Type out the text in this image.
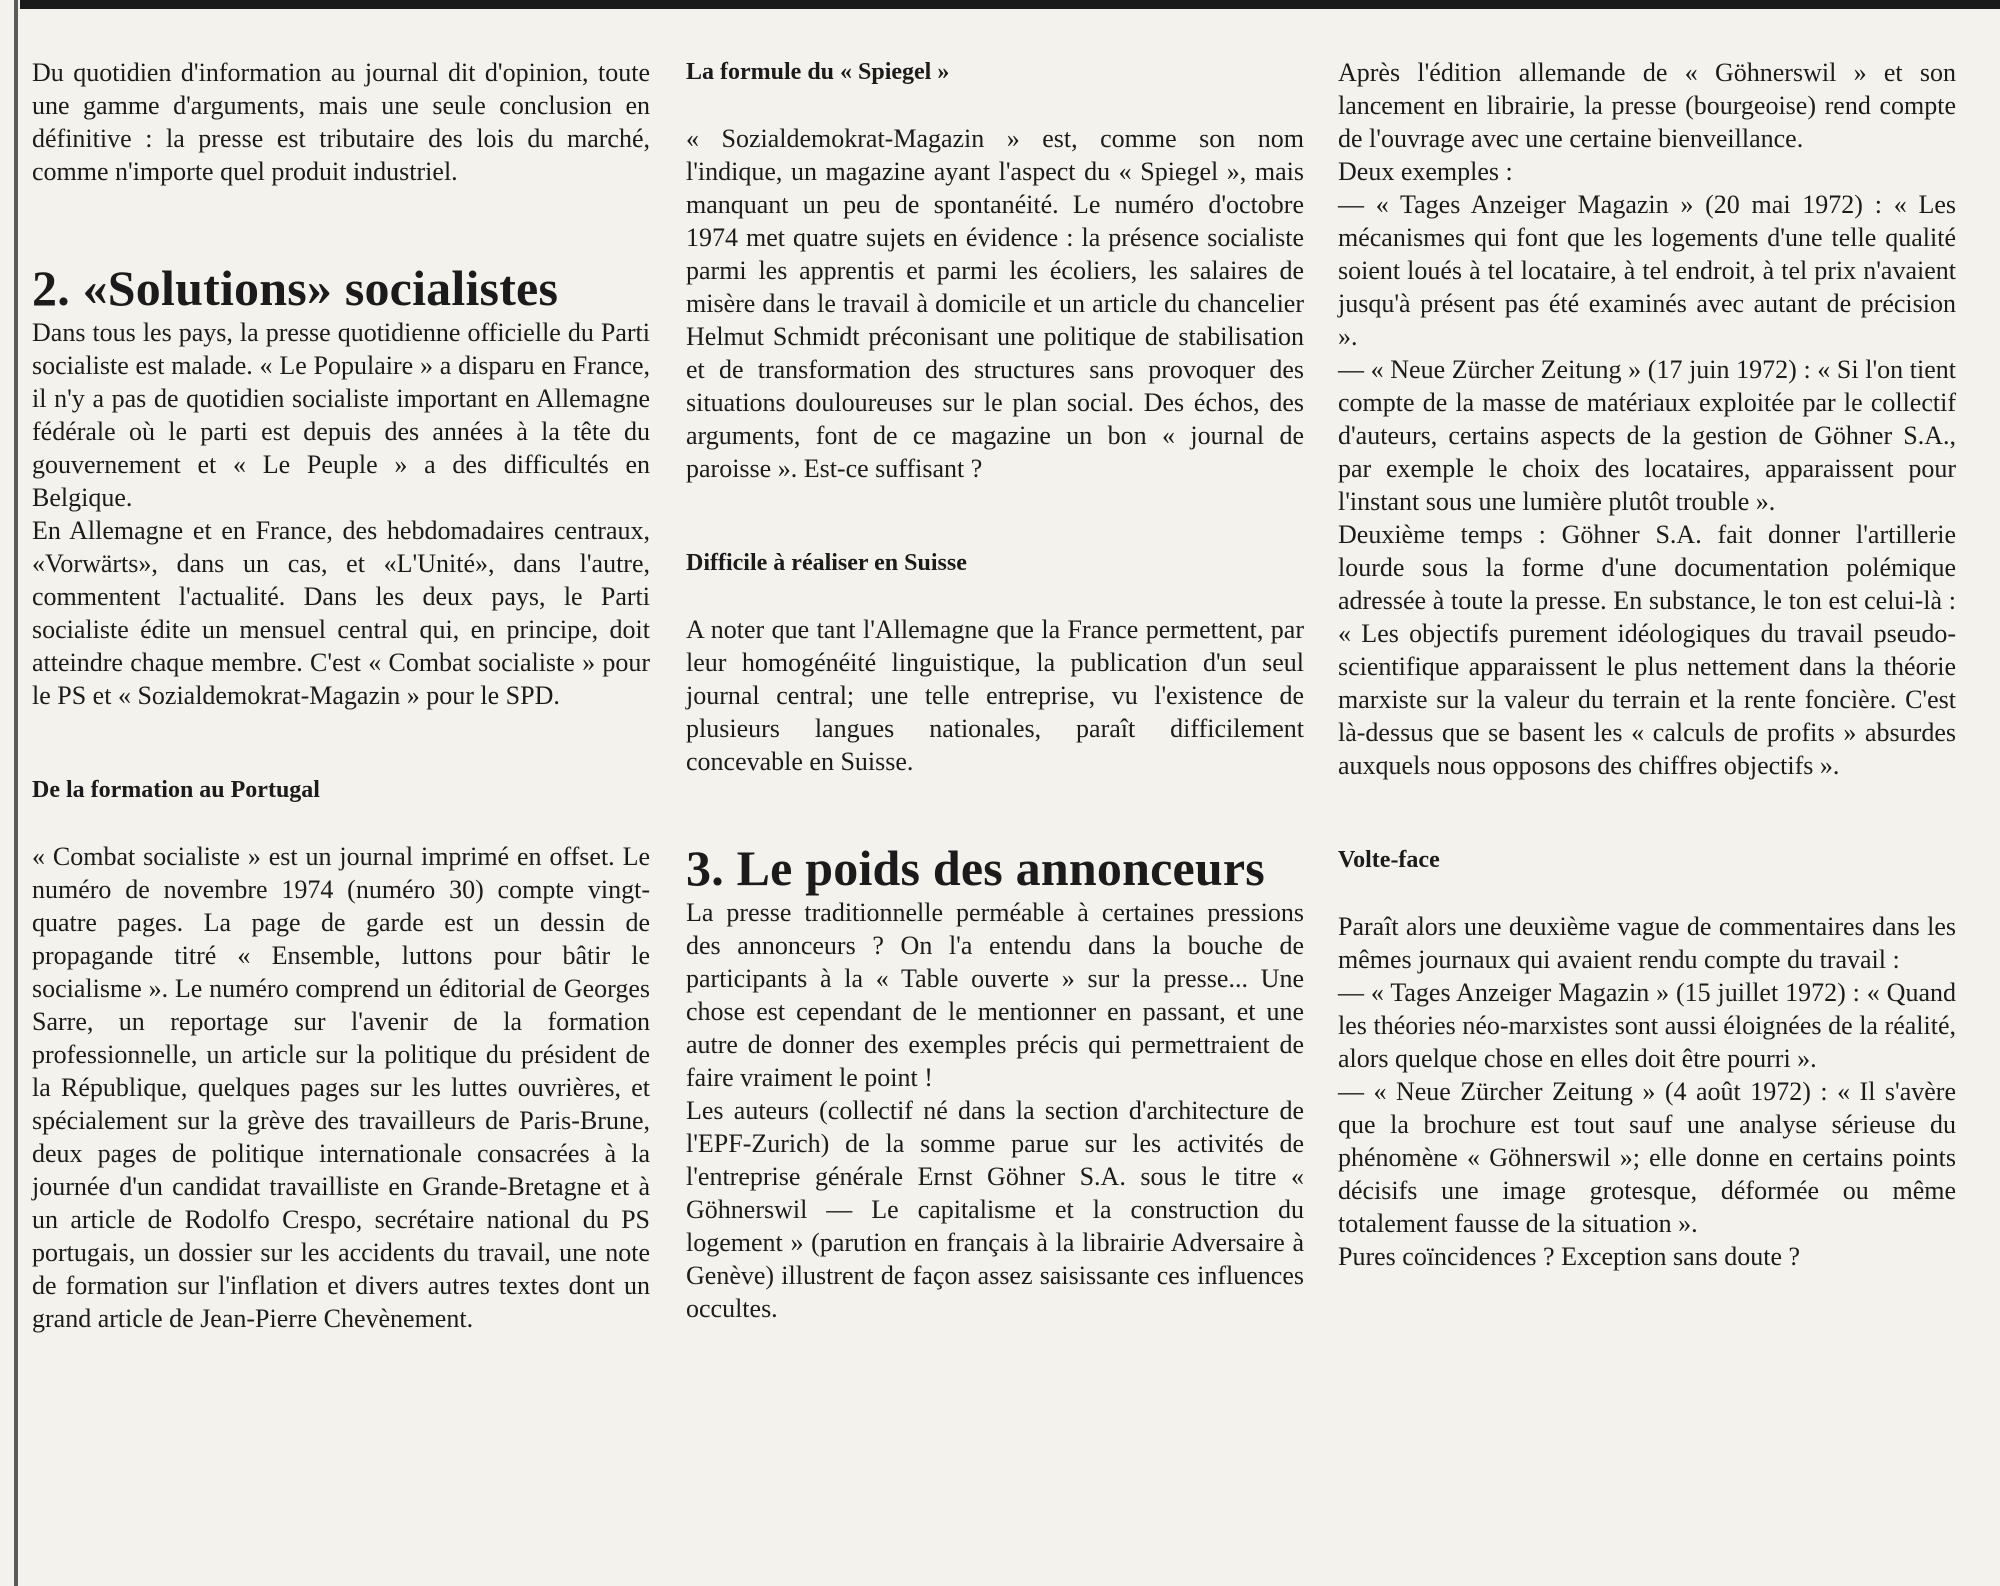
Du quotidien d'information au journal dit d'opinion, toute une gamme d'arguments, mais une seule conclusion en définitive : la presse est tributaire des lois du marché, comme n'importe quel produit industriel.

2. «Solutions» socialistes

Dans tous les pays, la presse quotidienne officielle du Parti socialiste est malade. « Le Populaire » a disparu en France, il n'y a pas de quotidien socialiste important en Allemagne fédérale où le parti est depuis des années à la tête du gouvernement et « Le Peuple » a des difficultés en Belgique.

En Allemagne et en France, des hebdomadaires centraux, «Vorwärts», dans un cas, et «L'Unité», dans l'autre, commentent l'actualité. Dans les deux pays, le Parti socialiste édite un mensuel central qui, en principe, doit atteindre chaque membre. C'est « Combat socialiste » pour le PS et « Sozialdemokrat-Magazin » pour le SPD.

De la formation au Portugal

« Combat socialiste » est un journal imprimé en offset. Le numéro de novembre 1974 (numéro 30) compte vingt-quatre pages. La page de garde est un dessin de propagande titré « Ensemble, luttons pour bâtir le socialisme ». Le numéro comprend un éditorial de Georges Sarre, un reportage sur l'avenir de la formation professionnelle, un article sur la politique du président de la République, quelques pages sur les luttes ouvrières, et spécialement sur la grève des travailleurs de Paris-Brune, deux pages de politique internationale consacrées à la journée d'un candidat travailliste en Grande-Bretagne et à un article de Rodolfo Crespo, secrétaire national du PS portugais, un dossier sur les accidents du travail, une note de formation sur l'inflation et divers autres textes dont un grand article de Jean-Pierre Chevènement.

La formule du « Spiegel »

« Sozialdemokrat-Magazin » est, comme son nom l'indique, un magazine ayant l'aspect du « Spiegel », mais manquant un peu de spontanéité. Le numéro d'octobre 1974 met quatre sujets en évidence : la présence socialiste parmi les apprentis et parmi les écoliers, les salaires de misère dans le travail à domicile et un article du chancelier Helmut Schmidt préconisant une politique de stabilisation et de transformation des structures sans provoquer des situations douloureuses sur le plan social. Des échos, des arguments, font de ce magazine un bon « journal de paroisse ». Est-ce suffisant ?

Difficile à réaliser en Suisse

A noter que tant l'Allemagne que la France permettent, par leur homogénéité linguistique, la publication d'un seul journal central; une telle entreprise, vu l'existence de plusieurs langues nationales, paraît difficilement concevable en Suisse.

3. Le poids des annonceurs

La presse traditionnelle perméable à certaines pressions des annonceurs ? On l'a entendu dans la bouche de participants à la « Table ouverte » sur la presse... Une chose est cependant de le mentionner en passant, et une autre de donner des exemples précis qui permettraient de faire vraiment le point !

Les auteurs (collectif né dans la section d'architecture de l'EPF-Zurich) de la somme parue sur les activités de l'entreprise générale Ernst Göhner S.A. sous le titre « Göhnerswil — Le capitalisme et la construction du logement » (parution en français à la librairie Adversaire à Genève) illustrent de façon assez saisissante ces influences occultes.

Après l'édition allemande de « Göhnerswil » et son lancement en librairie, la presse (bourgeoise) rend compte de l'ouvrage avec une certaine bienveillance.

Deux exemples :

— « Tages Anzeiger Magazin » (20 mai 1972) : « Les mécanismes qui font que les logements d'une telle qualité soient loués à tel locataire, à tel endroit, à tel prix n'avaient jusqu'à présent pas été examinés avec autant de précision ».

— « Neue Zürcher Zeitung » (17 juin 1972) : « Si l'on tient compte de la masse de matériaux exploitée par le collectif d'auteurs, certains aspects de la gestion de Göhner S.A., par exemple le choix des locataires, apparaissent pour l'instant sous une lumière plutôt trouble ».

Deuxième temps : Göhner S.A. fait donner l'artillerie lourde sous la forme d'une documentation polémique adressée à toute la presse. En substance, le ton est celui-là : « Les objectifs purement idéologiques du travail pseudo-scientifique apparaissent le plus nettement dans la théorie marxiste sur la valeur du terrain et la rente foncière. C'est là-dessus que se basent les « calculs de profits » absurdes auxquels nous opposons des chiffres objectifs ».

Volte-face

Paraît alors une deuxième vague de commentaires dans les mêmes journaux qui avaient rendu compte du travail :

— « Tages Anzeiger Magazin » (15 juillet 1972) : « Quand les théories néo-marxistes sont aussi éloignées de la réalité, alors quelque chose en elles doit être pourri ».

— « Neue Zürcher Zeitung » (4 août 1972) : « Il s'avère que la brochure est tout sauf une analyse sérieuse du phénomène « Göhnerswil »; elle donne en certains points décisifs une image grotesque, déformée ou même totalement fausse de la situation ».

Pures coïncidences ? Exception sans doute ?
